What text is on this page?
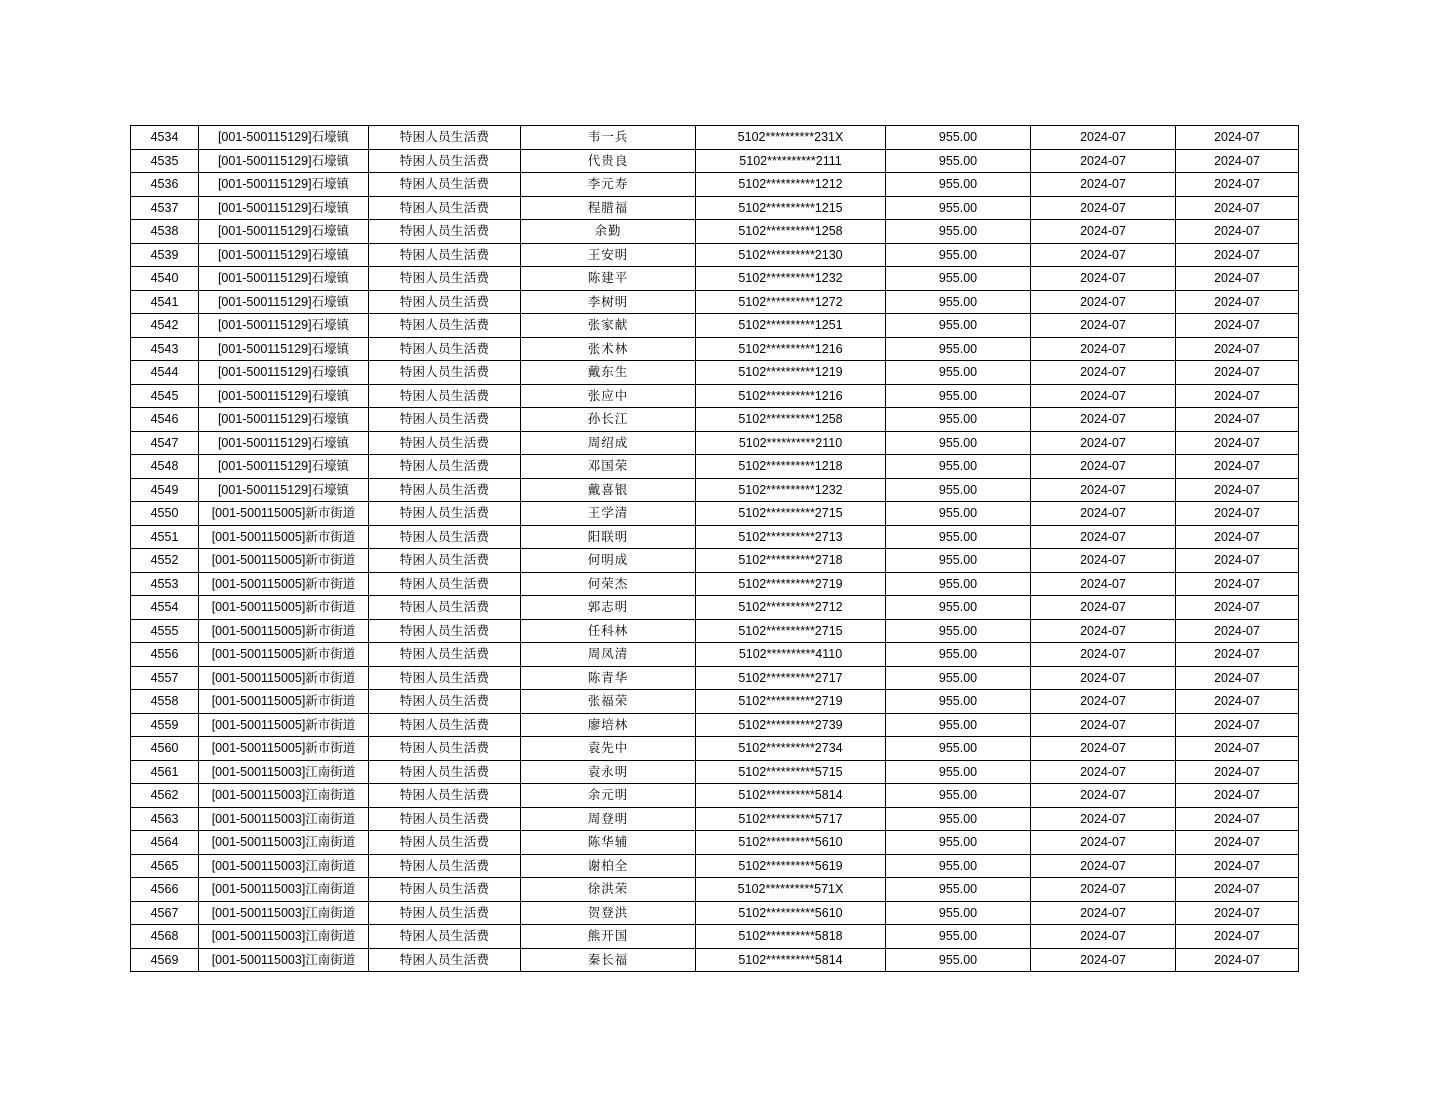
4534	[001-500115129]石壕镇	特困人员生活费	韦一兵	5102**********231X	955.00	2024-07	2024-07
4535	[001-500115129]石壕镇	特困人员生活费	代贵良	5102**********2111	955.00	2024-07	2024-07
4536	[001-500115129]石壕镇	特困人员生活费	李元寿	5102**********1212	955.00	2024-07	2024-07
4537	[001-500115129]石壕镇	特困人员生活费	程腊福	5102**********1215	955.00	2024-07	2024-07
4538	[001-500115129]石壕镇	特困人员生活费	余勤	5102**********1258	955.00	2024-07	2024-07
4539	[001-500115129]石壕镇	特困人员生活费	王安明	5102**********2130	955.00	2024-07	2024-07
4540	[001-500115129]石壕镇	特困人员生活费	陈建平	5102**********1232	955.00	2024-07	2024-07
4541	[001-500115129]石壕镇	特困人员生活费	李树明	5102**********1272	955.00	2024-07	2024-07
4542	[001-500115129]石壕镇	特困人员生活费	张家献	5102**********1251	955.00	2024-07	2024-07
4543	[001-500115129]石壕镇	特困人员生活费	张术林	5102**********1216	955.00	2024-07	2024-07
4544	[001-500115129]石壕镇	特困人员生活费	戴东生	5102**********1219	955.00	2024-07	2024-07
4545	[001-500115129]石壕镇	特困人员生活费	张应中	5102**********1216	955.00	2024-07	2024-07
4546	[001-500115129]石壕镇	特困人员生活费	孙长江	5102**********1258	955.00	2024-07	2024-07
4547	[001-500115129]石壕镇	特困人员生活费	周绍成	5102**********2110	955.00	2024-07	2024-07
4548	[001-500115129]石壕镇	特困人员生活费	邓国荣	5102**********1218	955.00	2024-07	2024-07
4549	[001-500115129]石壕镇	特困人员生活费	戴喜银	5102**********1232	955.00	2024-07	2024-07
4550	[001-500115005]新市街道	特困人员生活费	王学清	5102**********2715	955.00	2024-07	2024-07
4551	[001-500115005]新市街道	特困人员生活费	阳联明	5102**********2713	955.00	2024-07	2024-07
4552	[001-500115005]新市街道	特困人员生活费	何明成	5102**********2718	955.00	2024-07	2024-07
4553	[001-500115005]新市街道	特困人员生活费	何荣杰	5102**********2719	955.00	2024-07	2024-07
4554	[001-500115005]新市街道	特困人员生活费	郭志明	5102**********2712	955.00	2024-07	2024-07
4555	[001-500115005]新市街道	特困人员生活费	任科林	5102**********2715	955.00	2024-07	2024-07
4556	[001-500115005]新市街道	特困人员生活费	周凤清	5102**********4110	955.00	2024-07	2024-07
4557	[001-500115005]新市街道	特困人员生活费	陈青华	5102**********2717	955.00	2024-07	2024-07
4558	[001-500115005]新市街道	特困人员生活费	张福荣	5102**********2719	955.00	2024-07	2024-07
4559	[001-500115005]新市街道	特困人员生活费	廖培林	5102**********2739	955.00	2024-07	2024-07
4560	[001-500115005]新市街道	特困人员生活费	袁先中	5102**********2734	955.00	2024-07	2024-07
4561	[001-500115003]江南街道	特困人员生活费	袁永明	5102**********5715	955.00	2024-07	2024-07
4562	[001-500115003]江南街道	特困人员生活费	余元明	5102**********5814	955.00	2024-07	2024-07
4563	[001-500115003]江南街道	特困人员生活费	周登明	5102**********5717	955.00	2024-07	2024-07
4564	[001-500115003]江南街道	特困人员生活费	陈华辅	5102**********5610	955.00	2024-07	2024-07
4565	[001-500115003]江南街道	特困人员生活费	谢柏全	5102**********5619	955.00	2024-07	2024-07
4566	[001-500115003]江南街道	特困人员生活费	徐洪荣	5102**********571X	955.00	2024-07	2024-07
4567	[001-500115003]江南街道	特困人员生活费	贺登洪	5102**********5610	955.00	2024-07	2024-07
4568	[001-500115003]江南街道	特困人员生活费	熊开国	5102**********5818	955.00	2024-07	2024-07
4569	[001-500115003]江南街道	特困人员生活费	秦长福	5102**********5814	955.00	2024-07	2024-07
